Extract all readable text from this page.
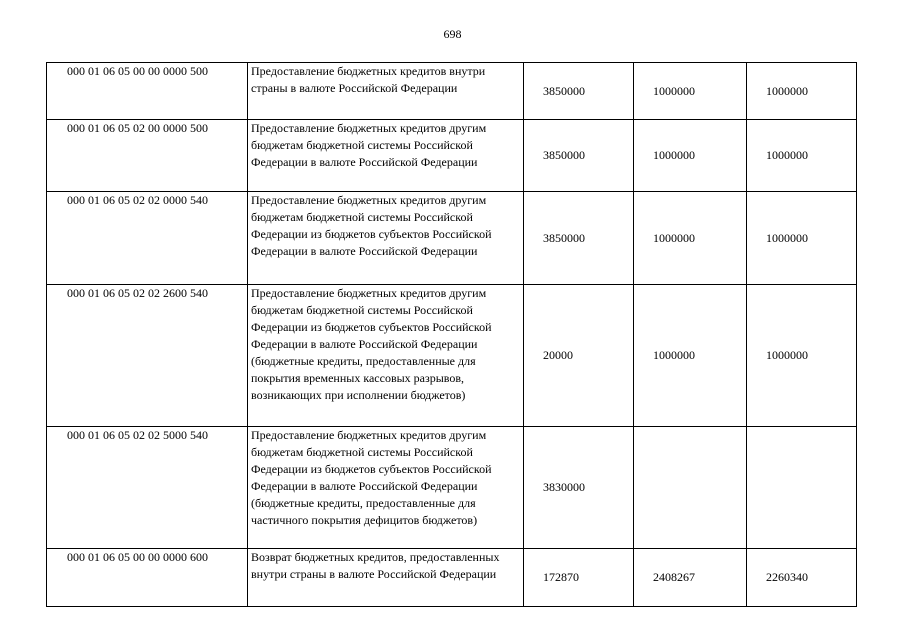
698
000 01 06 05 00 00 0000 500	Предоставление бюджетных кредитов внутри страны в валюте Российской Федерации	3850000	1000000	1000000
000 01 06 05 02 00 0000 500	Предоставление бюджетных кредитов другим бюджетам бюджетной системы Российской Федерации в валюте Российской Федерации	3850000	1000000	1000000
000 01 06 05 02 02 0000 540	Предоставление бюджетных кредитов другим бюджетам бюджетной системы Российской Федерации из бюджетов субъектов Российской Федерации в валюте Российской Федерации	3850000	1000000	1000000
000 01 06 05 02 02 2600 540	Предоставление бюджетных кредитов другим бюджетам бюджетной системы Российской Федерации из бюджетов субъектов Российской Федерации в валюте Российской Федерации (бюджетные кредиты, предоставленные для покрытия временных кассовых разрывов, возникающих при исполнении бюджетов)	20000	1000000	1000000
000 01 06 05 02 02 5000 540	Предоставление бюджетных кредитов другим бюджетам бюджетной системы Российской Федерации из бюджетов субъектов Российской Федерации в валюте Российской Федерации (бюджетные кредиты, предоставленные для частичного покрытия дефицитов бюджетов)	3830000		
000 01 06 05 00 00 0000 600	Возврат бюджетных кредитов, предоставленных внутри страны в валюте Российской Федерации	172870	2408267	2260340
